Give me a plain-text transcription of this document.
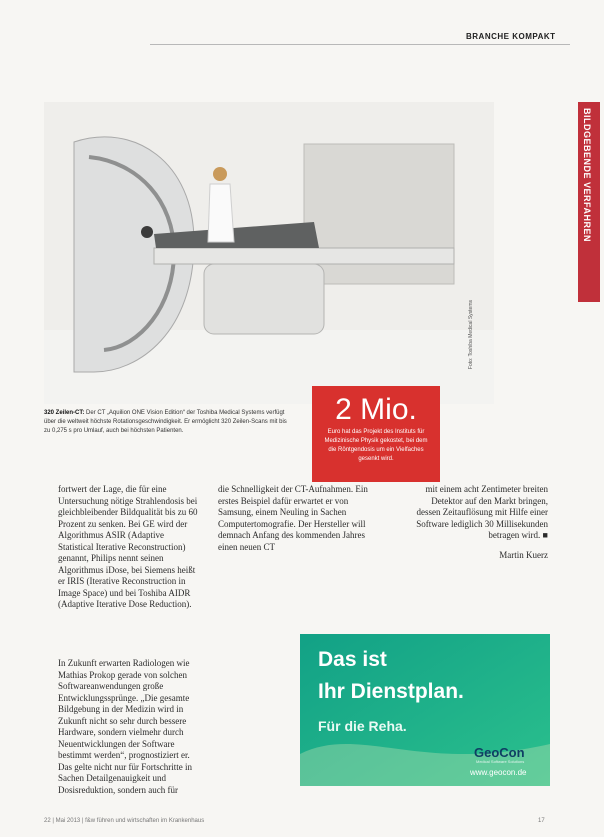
BRANCHE KOMPAKT
BILDGEBENDE VERFAHREN
Foto: Toshiba Medical Systems
320 Zeilen-CT: Der CT „Aquilion ONE Vision Edition“ der Toshiba Medical Systems verfügt über die weltweit höchste Rotationsgeschwindigkeit. Er ermöglicht 320 Zeilen-Scans mit bis zu 0,275 s pro Umlauf, auch bei höchsten Patienten.
2 Mio.
Euro hat das Projekt des Instituts für Medizinische Physik gekostet, bei dem die Röntgendosis um ein Vielfaches gesenkt wird.

fortwert der Lage, die für eine Untersuchung nötige Strahlendosis bei gleichbleibender Bildqualität bis zu 60 Prozent zu senken. Bei GE wird der Algorithmus ASIR (Adaptive Statistical Iterative Reconstruction) genannt, Philips nennt seinen Algorithmus iDose, bei Siemens heißt er IRIS (Iterative Reconstruction in Image Space) und bei Toshiba AIDR (Adaptive Iterative Dose Reduction).

die Schnelligkeit der CT-Aufnahmen. Ein erstes Beispiel dafür erwartet er von Samsung, einem Neuling in Sachen Computertomografie. Der Hersteller will demnach Anfang des kommenden Jahres einen neuen CT

mit einem acht Zentimeter breiten Detektor auf den Markt bringen, dessen Zeitauflösung mit Hilfe einer Software lediglich 30 Millisekunden betragen wird. ■

Martin Kuerz

In Zukunft erwarten Radiologen wie Mathias Prokop gerade von solchen Softwareanwendungen große Entwicklungssprünge. „Die gesamte Bildgebung in der Medizin wird in Zukunft nicht so sehr durch bessere Hardware, sondern vielmehr durch Neuentwicklungen der Software bestimmt werden“, prognostiziert er. Das gelte nicht nur für Fortschritte in Sachen Detailgenauigkeit und Dosisreduktion, sondern auch für

Das ist
Ihr Dienstplan.
Für die Reha.
GeoCon
Medical Software Solutions
www.geocon.de
22 | Mai 2013 | f&w führen und wirtschaften im Krankenhaus	17
